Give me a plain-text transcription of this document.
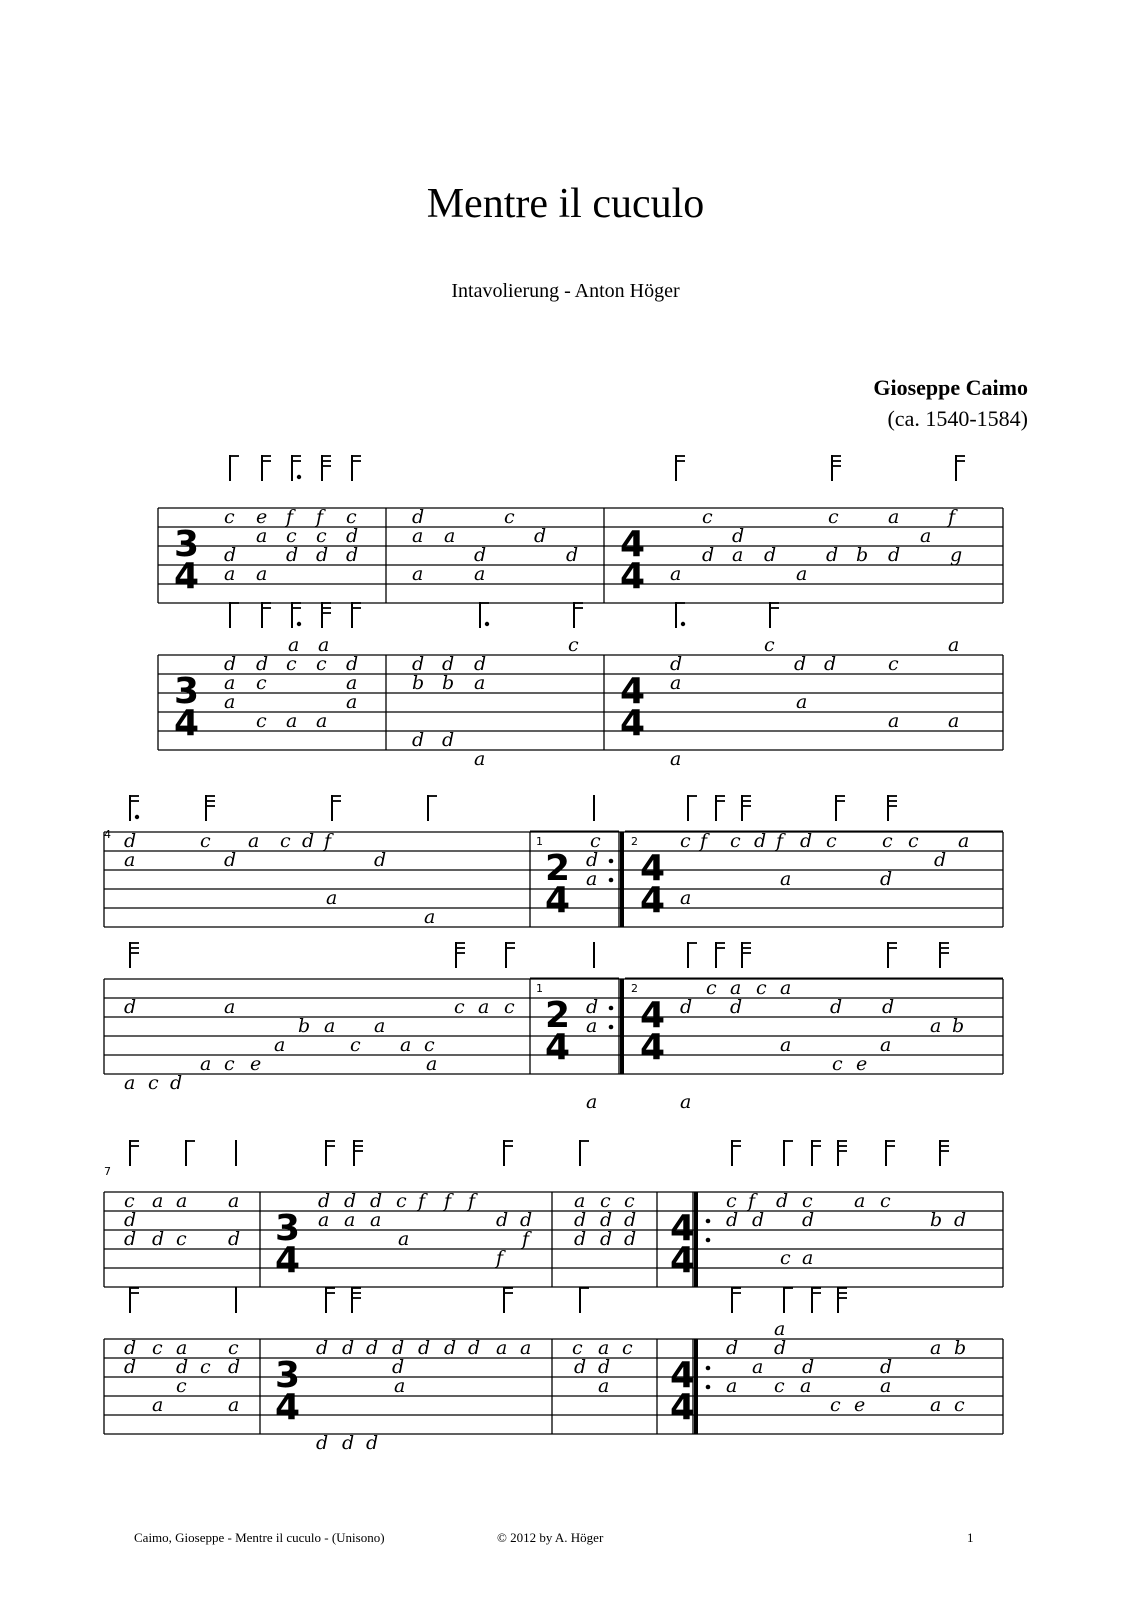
Mentre il cuculo
Intavolierung - Anton Höger
Gioseppe Caimo
(ca. 1540-1584)
3
4
3
4
4
4
4
4
c e f f c
a c c d
d	d d d
a a
d	c
a a	d
d	d
a	a
c	c	a	f
d	a
d a d	d b d	g
a	a
a a
d d c c d
a c	a
a	a
c a a
c
d d d
b b a
d d
a
c	a
d	d d	c
a
a
a	a
a
4
1	2
1	2
2
4
2
4
4
4
4
4
d	c a c d f
a	d	d
a
a
c
d
a
c f c d f d c c c a
d
a	d
a
d	a	c a c
b a a
a	c a c
a c e	a
a c d
d
a
a
c a c a
d d	d d
a b
a	a
c e
a
7
3
4
3
4
4
4
4
4
c a a a
d
d d c d
d d d c f f f
a a a	d d
a	f
f
a c c
d d d
d d d
c f d c a c
b d
d d d
c a
d c a c
d d c d
c
a	a
d d d d d d d a a
d
a
d d d
c a c
d d
a
a
d d	a b
a d	d
a c a	a
c e	a c
Caimo, Gioseppe - Mentre il cuculo - (Unisono)	© 2012 by A. Höger	1
